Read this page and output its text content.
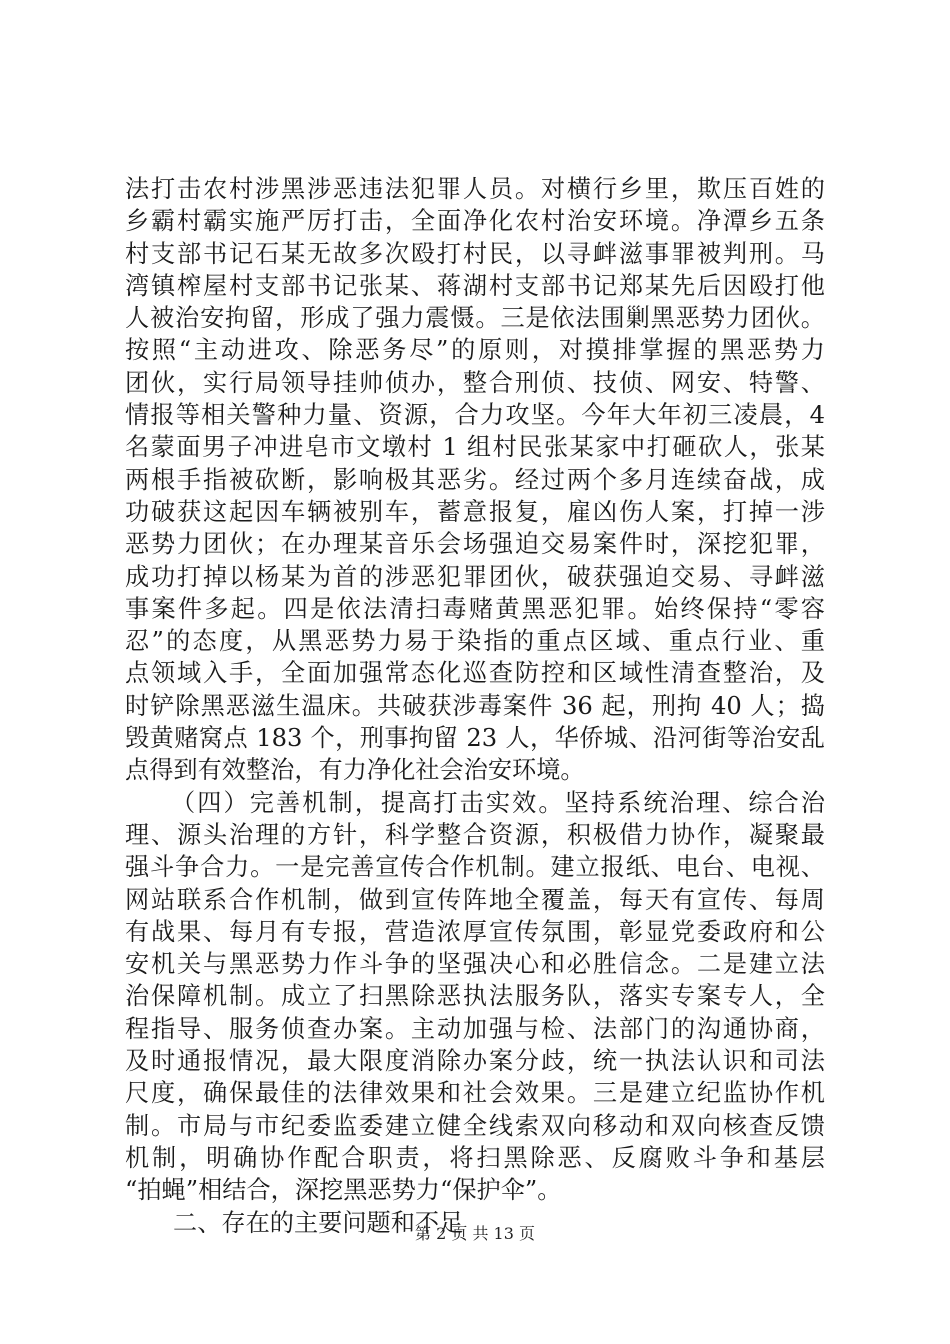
法打击农村涉黑涉恶违法犯罪人员。对横行乡里，欺压百姓的
乡霸村霸实施严厉打击，全面净化农村治安环境。净潭乡五条
村支部书记石某无故多次殴打村民，以寻衅滋事罪被判刑。马
湾镇榨屋村支部书记张某、蒋湖村支部书记郑某先后因殴打他
人被治安拘留，形成了强力震慑。三是依法围剿黑恶势力团伙。
按照“主动进攻、除恶务尽”的原则，对摸排掌握的黑恶势力
团伙，实行局领导挂帅侦办，整合刑侦、技侦、网安、特警、
情报等相关警种力量、资源，合力攻坚。今年大年初三凌晨，4
名蒙面男子冲进皂市文墩村 1 组村民张某家中打砸砍人，张某
两根手指被砍断，影响极其恶劣。经过两个多月连续奋战，成
功破获这起因车辆被别车，蓄意报复，雇凶伤人案，打掉一涉
恶势力团伙；在办理某音乐会场强迫交易案件时，深挖犯罪，
成功打掉以杨某为首的涉恶犯罪团伙，破获强迫交易、寻衅滋
事案件多起。四是依法清扫毒赌黄黑恶犯罪。始终保持“零容
忍”的态度，从黑恶势力易于染指的重点区域、重点行业、重
点领域入手，全面加强常态化巡查防控和区域性清查整治，及
时铲除黑恶滋生温床。共破获涉毒案件 36 起，刑拘 40 人；捣
毁黄赌窝点 183 个，刑事拘留 23 人，华侨城、沿河街等治安乱
点得到有效整治，有力净化社会治安环境。
（四）完善机制，提高打击实效。坚持系统治理、综合治
理、源头治理的方针，科学整合资源，积极借力协作，凝聚最
强斗争合力。一是完善宣传合作机制。建立报纸、电台、电视、
网站联系合作机制，做到宣传阵地全覆盖，每天有宣传、每周
有战果、每月有专报，营造浓厚宣传氛围，彰显党委政府和公
安机关与黑恶势力作斗争的坚强决心和必胜信念。二是建立法
治保障机制。成立了扫黑除恶执法服务队，落实专案专人，全
程指导、服务侦查办案。主动加强与检、法部门的沟通协商，
及时通报情况，最大限度消除办案分歧，统一执法认识和司法
尺度，确保最佳的法律效果和社会效果。三是建立纪监协作机
制。市局与市纪委监委建立健全线索双向移动和双向核查反馈
机制，明确协作配合职责，将扫黑除恶、反腐败斗争和基层
“拍蝇”相结合，深挖黑恶势力“保护伞”。
二、存在的主要问题和不足
第 2 页 共 13 页
